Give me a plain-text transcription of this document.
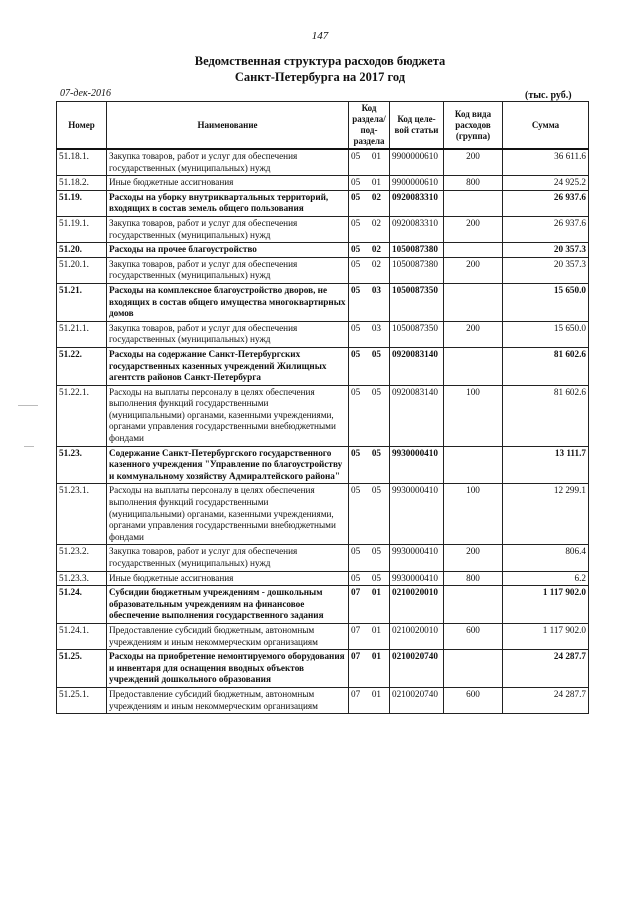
147
Ведомственная структура расходов бюджета
Санкт-Петербурга на 2017 год
07-дек-2016	(тыс. руб.)
Номер	Наименование	Код раздела/ под- раздела	Код целе- вой статьи	Код вида расходов (группа)	Сумма
51.18.1.	Закупка товаров, работ и услуг для обеспечения государственных (муниципальных) нужд	05 01	9900000610	200	36 611.6
51.18.2.	Иные бюджетные ассигнования	05 01	9900000610	800	24 925.2
51.19.	Расходы на уборку внутриквартальных территорий, входящих в состав земель общего пользования	05 02	0920083310		26 937.6
51.19.1.	Закупка товаров, работ и услуг для обеспечения государственных (муниципальных) нужд	05 02	0920083310	200	26 937.6
51.20.	Расходы на прочее благоустройство	05 02	1050087380		20 357.3
51.20.1.	Закупка товаров, работ и услуг для обеспечения государственных (муниципальных) нужд	05 02	1050087380	200	20 357.3
51.21.	Расходы на комплексное благоустройство дворов, не входящих в состав общего имущества многоквартирных домов	05 03	1050087350		15 650.0
51.21.1.	Закупка товаров, работ и услуг для обеспечения государственных (муниципальных) нужд	05 03	1050087350	200	15 650.0
51.22.	Расходы на содержание Санкт-Петербургских государственных казенных учреждений Жилищных агентств районов Санкт-Петербурга	05 05	0920083140		81 602.6
51.22.1.	Расходы на выплаты персоналу в целях обеспечения выполнения функций государственными (муниципальными) органами, казенными учреждениями, органами управления государственными внебюджетными фондами	05 05	0920083140	100	81 602.6
51.23.	Содержание Санкт-Петербургского государственного казенного учреждения "Управление по благоустройству и коммунальному хозяйству Адмиралтейского района"	05 05	9930000410		13 111.7
51.23.1.	Расходы на выплаты персоналу в целях обеспечения выполнения функций государственными (муниципальными) органами, казенными учреждениями, органами управления государственными внебюджетными фондами	05 05	9930000410	100	12 299.1
51.23.2.	Закупка товаров, работ и услуг для обеспечения государственных (муниципальных) нужд	05 05	9930000410	200	806.4
51.23.3.	Иные бюджетные ассигнования	05 05	9930000410	800	6.2
51.24.	Субсидии бюджетным учреждениям - дошкольным образовательным учреждениям на финансовое обеспечение выполнения государственного задания	07 01	0210020010		1 117 902.0
51.24.1.	Предоставление субсидий бюджетным, автономным учреждениям и иным некоммерческим организациям	07 01	0210020010	600	1 117 902.0
51.25.	Расходы на приобретение немонтируемого оборудования и инвентаря для оснащения вводных объектов учреждений дошкольного образования	07 01	0210020740		24 287.7
51.25.1.	Предоставление субсидий бюджетным, автономным учреждениям и иным некоммерческим организациям	07 01	0210020740	600	24 287.7
